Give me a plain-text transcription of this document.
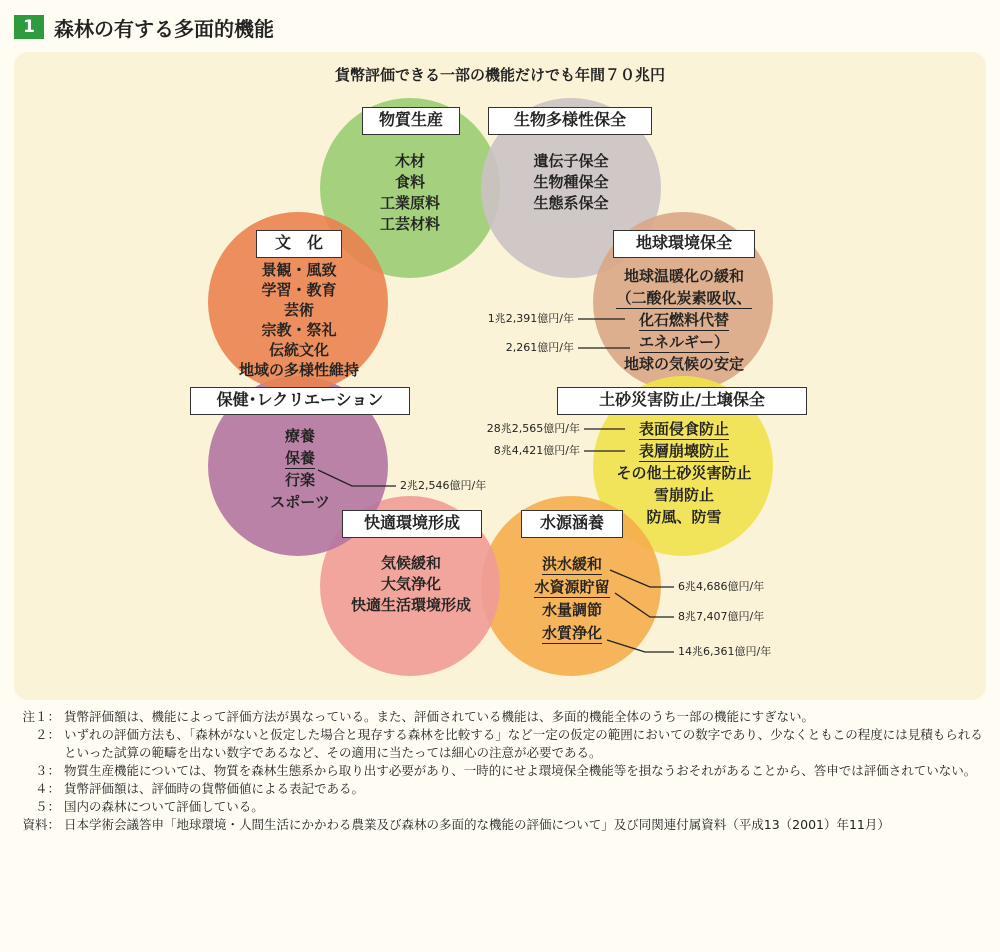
1 森林の有する多面的機能
貨幣評価できる一部の機能だけでも年間７０兆円
物質生産	生物多様性保全
地球環境保全
土砂災害防止/土壌保全
水源涵養
快適環境形成
保健･レクリエーション
文　化
木材
食料
工業原料
工芸材料
遺伝子保全
生物種保全
生態系保全
地球温暖化の緩和
（二酸化炭素吸収、
化石燃料代替
エネルギー）
地球の気候の安定
表面侵食防止
表層崩壊防止
その他土砂災害防止
雪崩防止
防風、防雪
洪水緩和
水資源貯留
水量調節
水質浄化
気候緩和
大気浄化
快適生活環境形成
療養
保養
行楽
スポーツ
景観・風致
学習・教育
芸術
宗教・祭礼
伝統文化
地域の多様性維持
1兆2,391億円/年
2,261億円/年
28兆2,565億円/年
8兆4,421億円/年
2兆2,546億円/年
6兆4,686億円/年
8兆7,407億円/年
14兆6,361億円/年
注１： 貨幣評価額は、機能によって評価方法が異なっている。また、評価されている機能は、多面的機能全体のうち一部の機能にすぎない。
２： いずれの評価方法も、「森林がないと仮定した場合と現存する森林を比較する」など一定の仮定の範囲においての数字であり、少なくともこの程度には見積もられるといった試算の範疇を出ない数字であるなど、その適用に当たっては細心の注意が必要である。
３： 物質生産機能については、物質を森林生態系から取り出す必要があり、一時的にせよ環境保全機能等を損なうおそれがあることから、答申では評価されていない。
４： 貨幣評価額は、評価時の貨幣価値による表記である。
５： 国内の森林について評価している。
資料： 日本学術会議答申「地球環境・人間生活にかかわる農業及び森林の多面的な機能の評価について」及び同関連付属資料（平成13（2001）年11月）
